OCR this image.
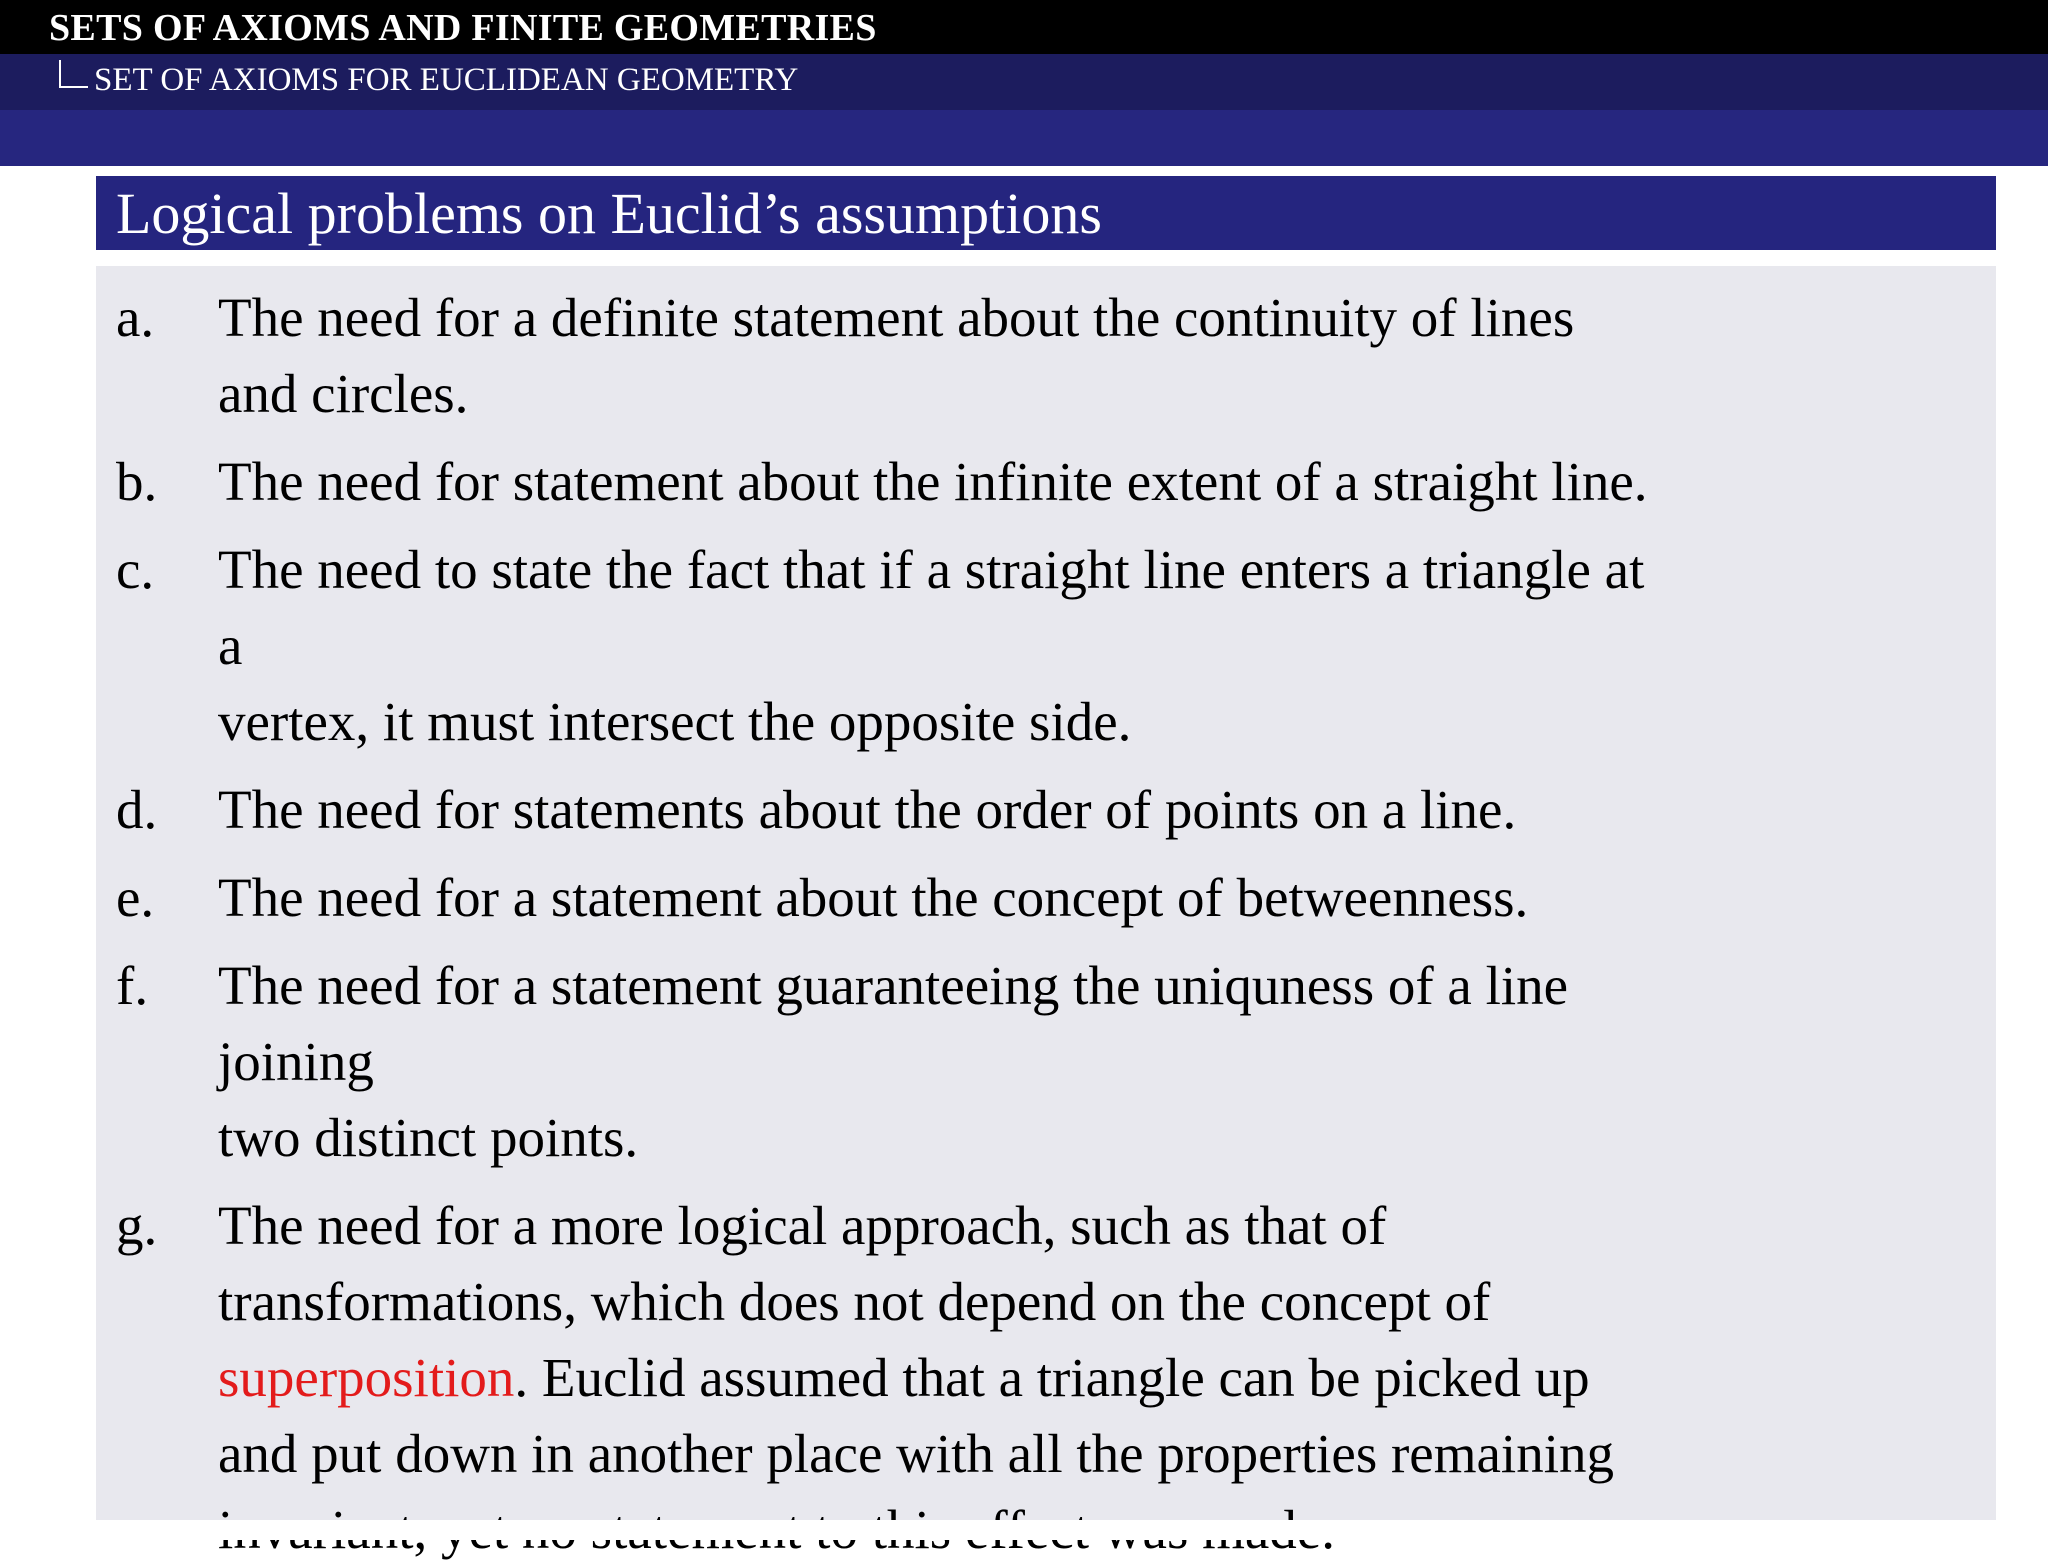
SETS OF AXIOMS AND FINITE GEOMETRIES
SET OF AXIOMS FOR EUCLIDEAN GEOMETRY
Logical problems on Euclid’s assumptions
a. The need for a definite statement about the continuity of lines
and circles.
b. The need for statement about the infinite extent of a straight line.
c. The need to state the fact that if a straight line enters a triangle at
a
vertex, it must intersect the opposite side.
d. The need for statements about the order of points on a line.
e. The need for a statement about the concept of betweenness.
f. The need for a statement guaranteeing the uniquness of a line
joining
two distinct points.
g. The need for a more logical approach, such as that of
transformations, which does not depend on the concept of
superposition. Euclid assumed that a triangle can be picked up
and put down in another place with all the properties remaining
